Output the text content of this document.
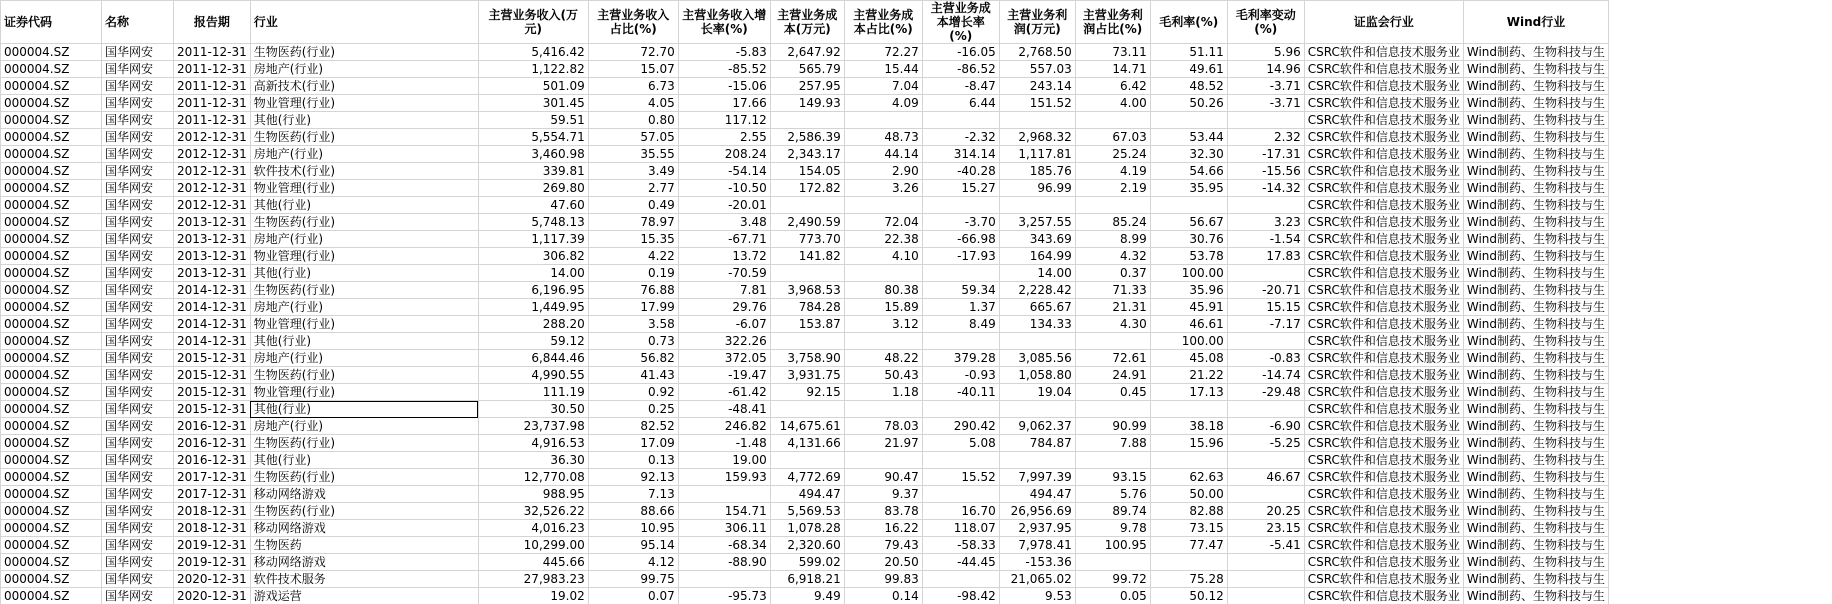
证券代码	名称	报告期	行业	主营业务收入(万元)	主营业务收入占比(%)	主营业务收入增长率(%)	主营业务成本(万元)	主营业务成本占比(%)	主营业务成本增长率(%)	主营业务利润(万元)	主营业务利润占比(%)	毛利率(%)	毛利率变动(%)	证监会行业	Wind行业
000004.SZ	国华网安	2011-12-31	生物医药(行业)	5,416.42	72.70	-5.83	2,647.92	72.27	-16.05	2,768.50	73.11	51.11	5.96	CSRC软件和信息技术服务业	Wind制药、生物科技与生
000004.SZ	国华网安	2011-12-31	房地产(行业)	1,122.82	15.07	-85.52	565.79	15.44	-86.52	557.03	14.71	49.61	14.96	CSRC软件和信息技术服务业	Wind制药、生物科技与生
000004.SZ	国华网安	2011-12-31	高新技术(行业)	501.09	6.73	-15.06	257.95	7.04	-8.47	243.14	6.42	48.52	-3.71	CSRC软件和信息技术服务业	Wind制药、生物科技与生
000004.SZ	国华网安	2011-12-31	物业管理(行业)	301.45	4.05	17.66	149.93	4.09	6.44	151.52	4.00	50.26	-3.71	CSRC软件和信息技术服务业	Wind制药、生物科技与生
000004.SZ	国华网安	2011-12-31	其他(行业)	59.51	0.80	117.12								CSRC软件和信息技术服务业	Wind制药、生物科技与生
000004.SZ	国华网安	2012-12-31	生物医药(行业)	5,554.71	57.05	2.55	2,586.39	48.73	-2.32	2,968.32	67.03	53.44	2.32	CSRC软件和信息技术服务业	Wind制药、生物科技与生
000004.SZ	国华网安	2012-12-31	房地产(行业)	3,460.98	35.55	208.24	2,343.17	44.14	314.14	1,117.81	25.24	32.30	-17.31	CSRC软件和信息技术服务业	Wind制药、生物科技与生
000004.SZ	国华网安	2012-12-31	软件技术(行业)	339.81	3.49	-54.14	154.05	2.90	-40.28	185.76	4.19	54.66	-15.56	CSRC软件和信息技术服务业	Wind制药、生物科技与生
000004.SZ	国华网安	2012-12-31	物业管理(行业)	269.80	2.77	-10.50	172.82	3.26	15.27	96.99	2.19	35.95	-14.32	CSRC软件和信息技术服务业	Wind制药、生物科技与生
000004.SZ	国华网安	2012-12-31	其他(行业)	47.60	0.49	-20.01								CSRC软件和信息技术服务业	Wind制药、生物科技与生
000004.SZ	国华网安	2013-12-31	生物医药(行业)	5,748.13	78.97	3.48	2,490.59	72.04	-3.70	3,257.55	85.24	56.67	3.23	CSRC软件和信息技术服务业	Wind制药、生物科技与生
000004.SZ	国华网安	2013-12-31	房地产(行业)	1,117.39	15.35	-67.71	773.70	22.38	-66.98	343.69	8.99	30.76	-1.54	CSRC软件和信息技术服务业	Wind制药、生物科技与生
000004.SZ	国华网安	2013-12-31	物业管理(行业)	306.82	4.22	13.72	141.82	4.10	-17.93	164.99	4.32	53.78	17.83	CSRC软件和信息技术服务业	Wind制药、生物科技与生
000004.SZ	国华网安	2013-12-31	其他(行业)	14.00	0.19	-70.59				14.00	0.37	100.00		CSRC软件和信息技术服务业	Wind制药、生物科技与生
000004.SZ	国华网安	2014-12-31	生物医药(行业)	6,196.95	76.88	7.81	3,968.53	80.38	59.34	2,228.42	71.33	35.96	-20.71	CSRC软件和信息技术服务业	Wind制药、生物科技与生
000004.SZ	国华网安	2014-12-31	房地产(行业)	1,449.95	17.99	29.76	784.28	15.89	1.37	665.67	21.31	45.91	15.15	CSRC软件和信息技术服务业	Wind制药、生物科技与生
000004.SZ	国华网安	2014-12-31	物业管理(行业)	288.20	3.58	-6.07	153.87	3.12	8.49	134.33	4.30	46.61	-7.17	CSRC软件和信息技术服务业	Wind制药、生物科技与生
000004.SZ	国华网安	2014-12-31	其他(行业)	59.12	0.73	322.26						100.00		CSRC软件和信息技术服务业	Wind制药、生物科技与生
000004.SZ	国华网安	2015-12-31	房地产(行业)	6,844.46	56.82	372.05	3,758.90	48.22	379.28	3,085.56	72.61	45.08	-0.83	CSRC软件和信息技术服务业	Wind制药、生物科技与生
000004.SZ	国华网安	2015-12-31	生物医药(行业)	4,990.55	41.43	-19.47	3,931.75	50.43	-0.93	1,058.80	24.91	21.22	-14.74	CSRC软件和信息技术服务业	Wind制药、生物科技与生
000004.SZ	国华网安	2015-12-31	物业管理(行业)	111.19	0.92	-61.42	92.15	1.18	-40.11	19.04	0.45	17.13	-29.48	CSRC软件和信息技术服务业	Wind制药、生物科技与生
000004.SZ	国华网安	2015-12-31	其他(行业)	30.50	0.25	-48.41								CSRC软件和信息技术服务业	Wind制药、生物科技与生
000004.SZ	国华网安	2016-12-31	房地产(行业)	23,737.98	82.52	246.82	14,675.61	78.03	290.42	9,062.37	90.99	38.18	-6.90	CSRC软件和信息技术服务业	Wind制药、生物科技与生
000004.SZ	国华网安	2016-12-31	生物医药(行业)	4,916.53	17.09	-1.48	4,131.66	21.97	5.08	784.87	7.88	15.96	-5.25	CSRC软件和信息技术服务业	Wind制药、生物科技与生
000004.SZ	国华网安	2016-12-31	其他(行业)	36.30	0.13	19.00								CSRC软件和信息技术服务业	Wind制药、生物科技与生
000004.SZ	国华网安	2017-12-31	生物医药(行业)	12,770.08	92.13	159.93	4,772.69	90.47	15.52	7,997.39	93.15	62.63	46.67	CSRC软件和信息技术服务业	Wind制药、生物科技与生
000004.SZ	国华网安	2017-12-31	移动网络游戏	988.95	7.13		494.47	9.37		494.47	5.76	50.00		CSRC软件和信息技术服务业	Wind制药、生物科技与生
000004.SZ	国华网安	2018-12-31	生物医药(行业)	32,526.22	88.66	154.71	5,569.53	83.78	16.70	26,956.69	89.74	82.88	20.25	CSRC软件和信息技术服务业	Wind制药、生物科技与生
000004.SZ	国华网安	2018-12-31	移动网络游戏	4,016.23	10.95	306.11	1,078.28	16.22	118.07	2,937.95	9.78	73.15	23.15	CSRC软件和信息技术服务业	Wind制药、生物科技与生
000004.SZ	国华网安	2019-12-31	生物医药	10,299.00	95.14	-68.34	2,320.60	79.43	-58.33	7,978.41	100.95	77.47	-5.41	CSRC软件和信息技术服务业	Wind制药、生物科技与生
000004.SZ	国华网安	2019-12-31	移动网络游戏	445.66	4.12	-88.90	599.02	20.50	-44.45	-153.36				CSRC软件和信息技术服务业	Wind制药、生物科技与生
000004.SZ	国华网安	2020-12-31	软件技术服务	27,983.23	99.75		6,918.21	99.83		21,065.02	99.72	75.28		CSRC软件和信息技术服务业	Wind制药、生物科技与生
000004.SZ	国华网安	2020-12-31	游戏运营	19.02	0.07	-95.73	9.49	0.14	-98.42	9.53	0.05	50.12		CSRC软件和信息技术服务业	Wind制药、生物科技与生
